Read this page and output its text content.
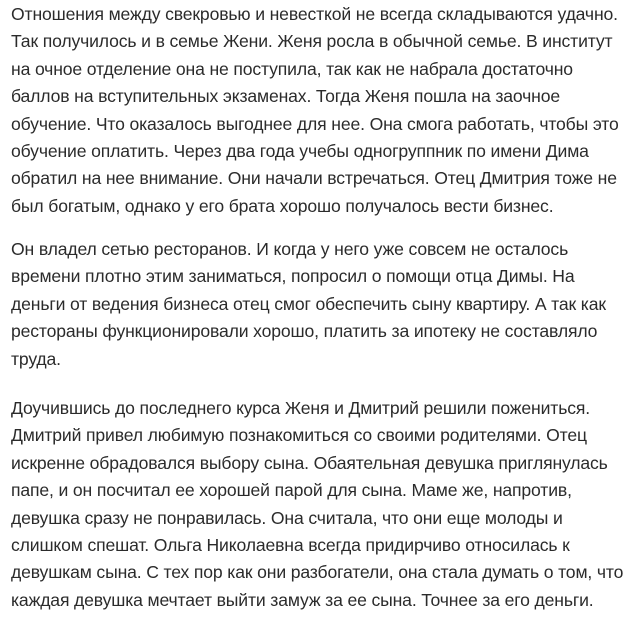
Отношения между свекровью и невесткой не всегда складываются удачно.
Так получилось и в семье Жени. Женя росла в обычной семье. В институт
на очное отделение она не поступила, так как не набрала достаточно
баллов на вступительных экзаменах. Тогда Женя пошла на заочное
обучение. Что оказалось выгоднее для нее. Она смога работать, чтобы это
обучение оплатить. Через два года учебы одногруппник по имени Дима
обратил на нее внимание. Они начали встречаться. Отец Дмитрия тоже не
был богатым, однако у его брата хорошо получалось вести бизнес.
Он владел сетью ресторанов. И когда у него уже совсем не осталось
времени плотно этим заниматься, попросил о помощи отца Димы. На
деньги от ведения бизнеса отец смог обеспечить сыну квартиру. А так как
рестораны функционировали хорошо, платить за ипотеку не составляло
труда.
Доучившись до последнего курса Женя и Дмитрий решили пожениться.
Дмитрий привел любимую познакомиться со своими родителями. Отец
искренне обрадовался выбору сына. Обаятельная девушка приглянулась
папе, и он посчитал ее хорошей парой для сына. Маме же, напротив,
девушка сразу не понравилась. Она считала, что они еще молоды и
слишком спешат. Ольга Николаевна всегда придирчиво относилась к
девушкам сына. С тех пор как они разбогатели, она стала думать о том, что
каждая девушка мечтает выйти замуж за ее сына. Точнее за его деньги.
